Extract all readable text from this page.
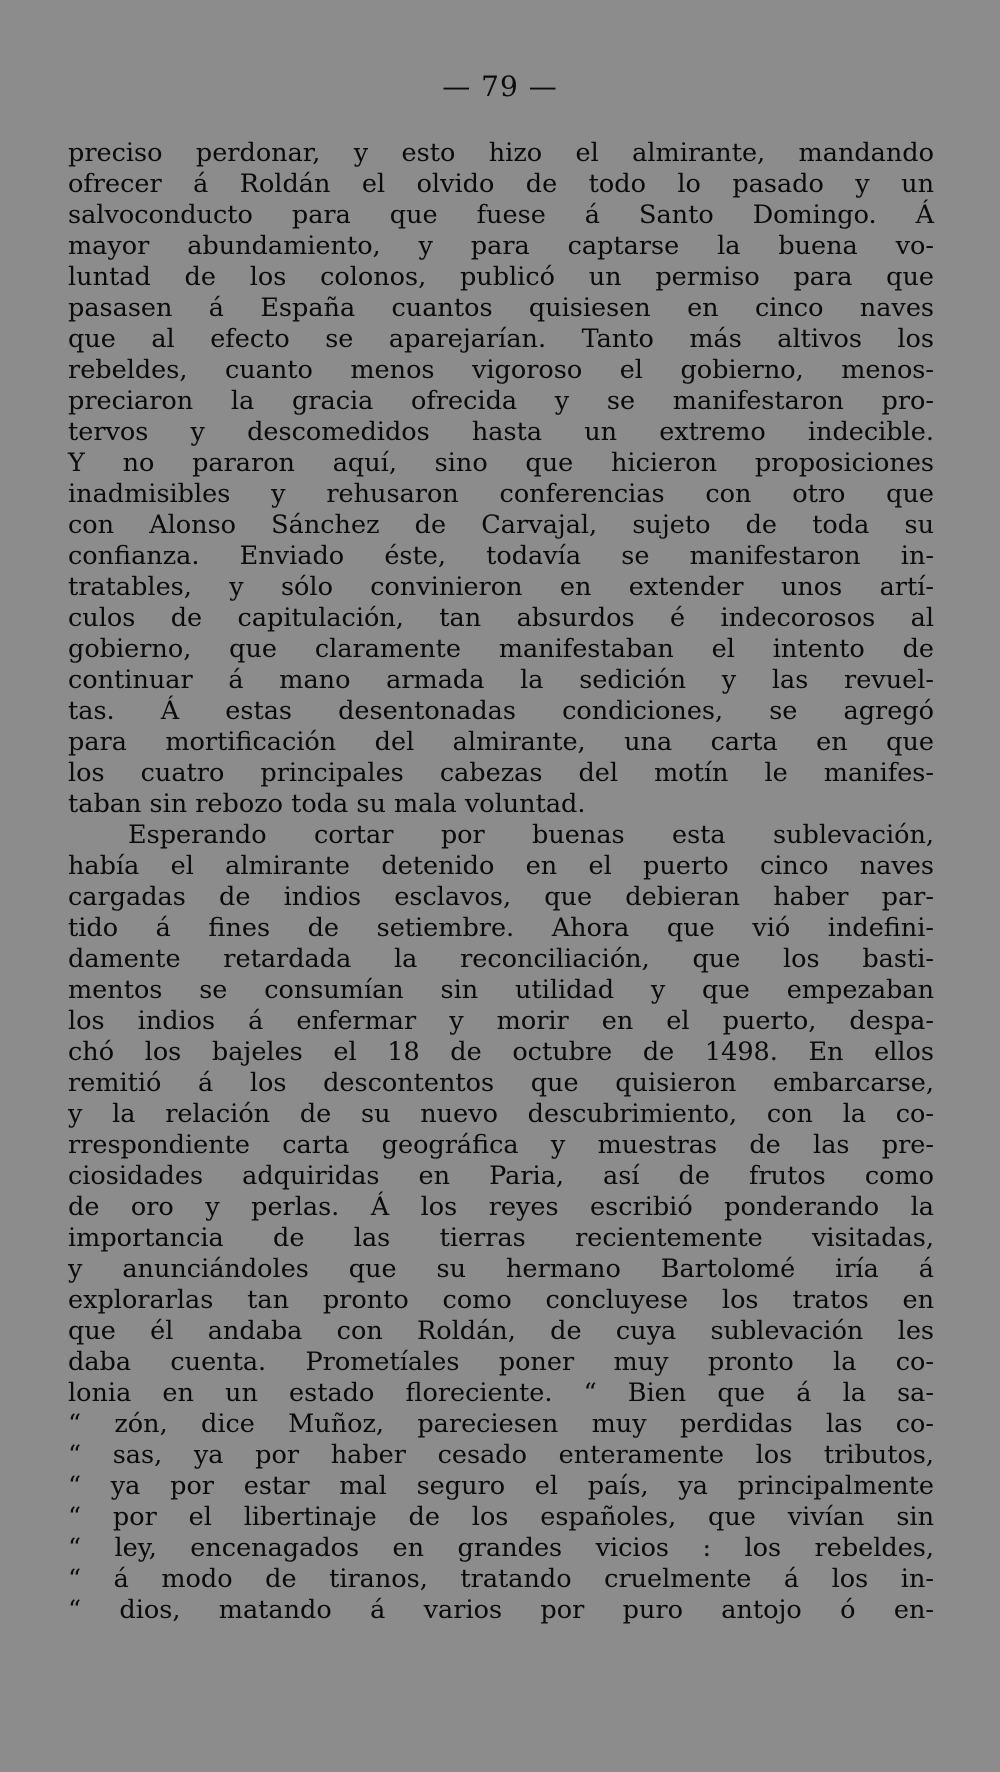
— 79 —
preciso perdonar, y esto hizo el almirante, mandando
ofrecer á Roldán el olvido de todo lo pasado y un
salvoconducto para que fuese á Santo Domingo. Á
mayor abundamiento, y para captarse la buena vo-
luntad de los colonos, publicó un permiso para que
pasasen á España cuantos quisiesen en cinco naves
que al efecto se aparejarían. Tanto más altivos los
rebeldes, cuanto menos vigoroso el gobierno, menos-
preciaron la gracia ofrecida y se manifestaron pro-
tervos y descomedidos hasta un extremo indecible.
Y no pararon aquí, sino que hicieron proposiciones
inadmisibles y rehusaron conferencias con otro que
con Alonso Sánchez de Carvajal, sujeto de toda su
confianza. Enviado éste, todavía se manifestaron in-
tratables, y sólo convinieron en extender unos artí-
culos de capitulación, tan absurdos é indecorosos al
gobierno, que claramente manifestaban el intento de
continuar á mano armada la sedición y las revuel-
tas. Á estas desentonadas condiciones, se agregó
para mortificación del almirante, una carta en que
los cuatro principales cabezas del motín le manifes-
taban sin rebozo toda su mala voluntad.
Esperando cortar por buenas esta sublevación,
había el almirante detenido en el puerto cinco naves
cargadas de indios esclavos, que debieran haber par-
tido á fines de setiembre. Ahora que vió indefini-
damente retardada la reconciliación, que los basti-
mentos se consumían sin utilidad y que empezaban
los indios á enfermar y morir en el puerto, despa-
chó los bajeles el 18 de octubre de 1498. En ellos
remitió á los descontentos que quisieron embarcarse,
y la relación de su nuevo descubrimiento, con la co-
rrespondiente carta geográfica y muestras de las pre-
ciosidades adquiridas en Paria, así de frutos como
de oro y perlas. Á los reyes escribió ponderando la
importancia de las tierras recientemente visitadas,
y anunciándoles que su hermano Bartolomé iría á
explorarlas tan pronto como concluyese los tratos en
que él andaba con Roldán, de cuya sublevación les
daba cuenta. Prometíales poner muy pronto la co-
lonia en un estado floreciente. “ Bien que á la sa-
“ zón, dice Muñoz, pareciesen muy perdidas las co-
“ sas, ya por haber cesado enteramente los tributos,
“ ya por estar mal seguro el país, ya principalmente
“ por el libertinaje de los españoles, que vivían sin
“ ley, encenagados en grandes vicios : los rebeldes,
“ á modo de tiranos, tratando cruelmente á los in-
“ dios, matando á varios por puro antojo ó en-
